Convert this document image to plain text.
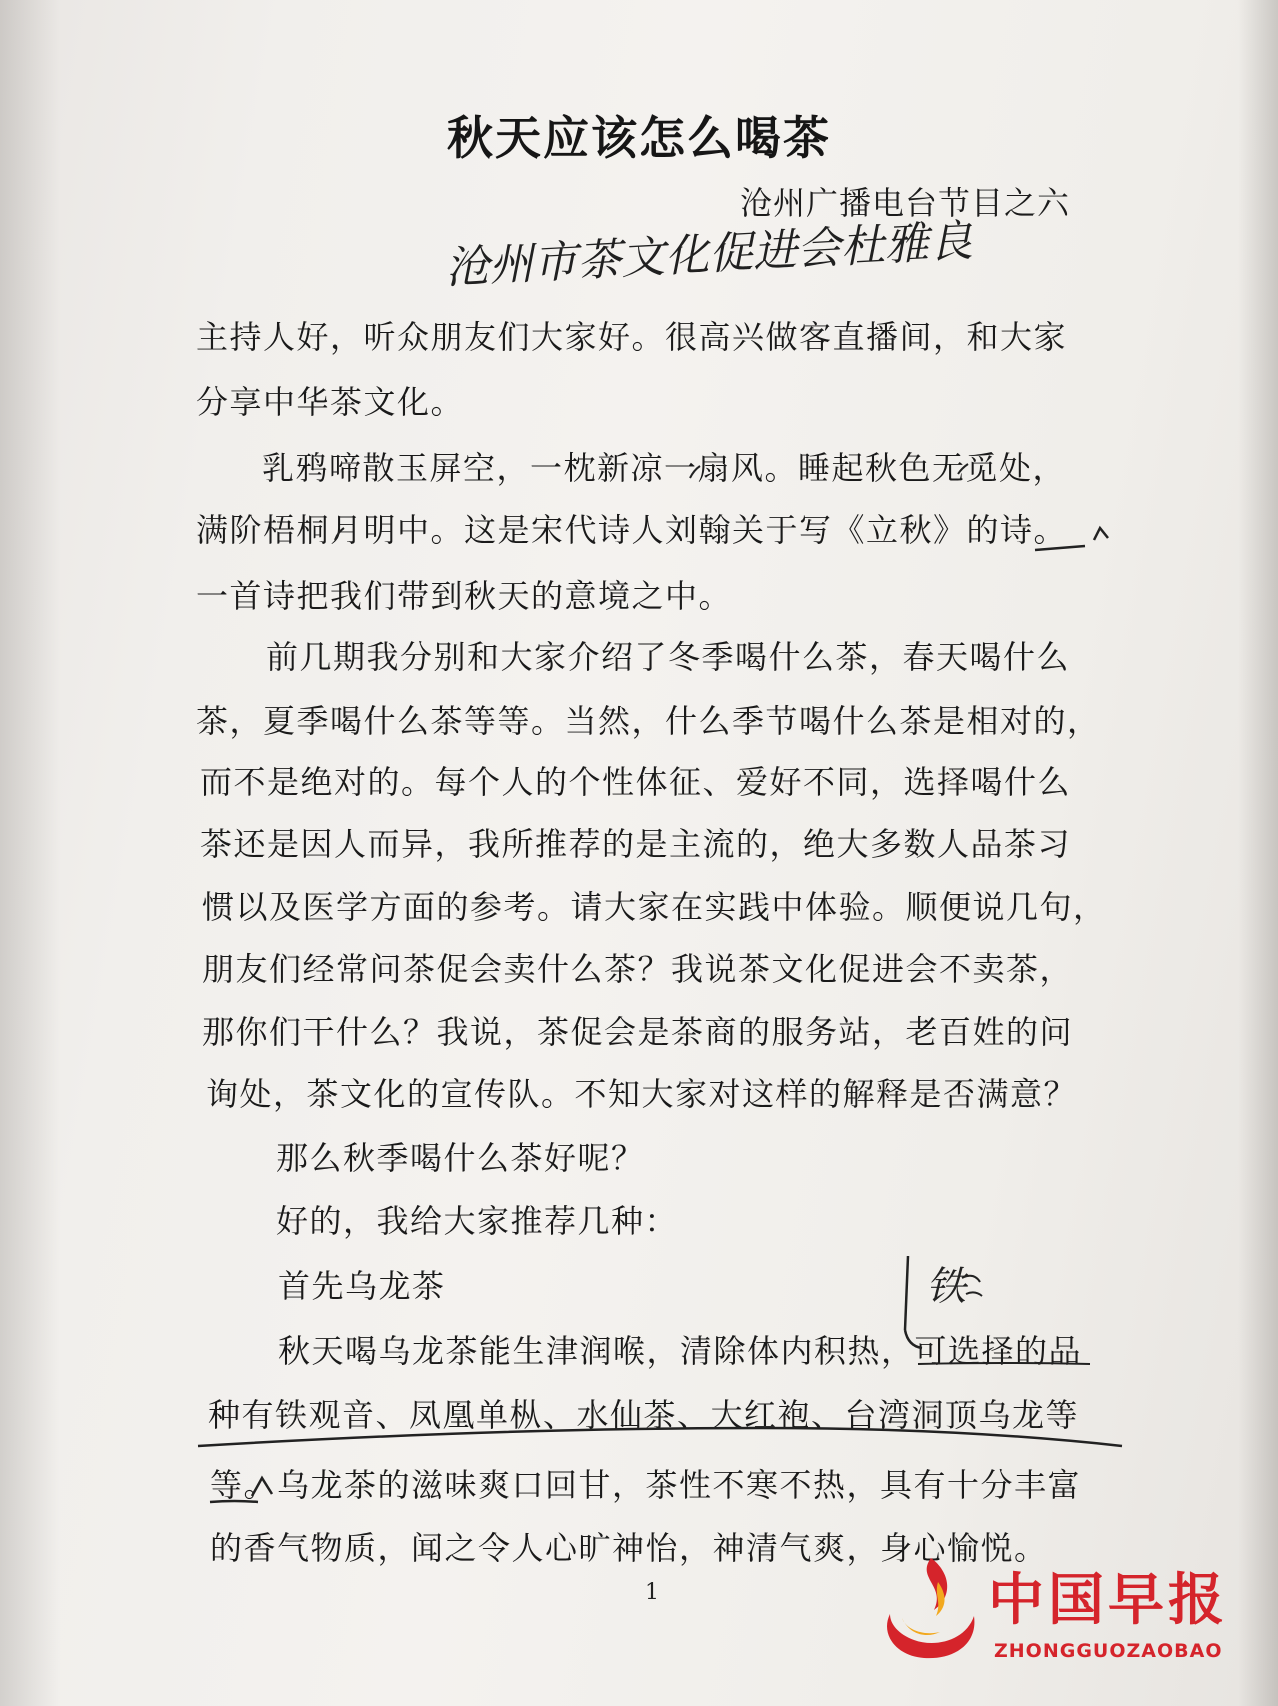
秋天应该怎么喝茶
沧州广播电台节目之六
沧州市茶文化促进会杜雅良
主持人好，听众朋友们大家好。很高兴做客直播间，和大家
分享中华茶文化。
乳鸦啼散玉屏空，一枕新凉一扇风。睡起秋色无觅处，
满阶梧桐月明中。这是宋代诗人刘翰关于写《立秋》的诗。
一首诗把我们带到秋天的意境之中。
前几期我分别和大家介绍了冬季喝什么茶，春天喝什么
茶，夏季喝什么茶等等。当然，什么季节喝什么茶是相对的，
而不是绝对的。每个人的个性体征、爱好不同，选择喝什么
茶还是因人而异，我所推荐的是主流的，绝大多数人品茶习
惯以及医学方面的参考。请大家在实践中体验。顺便说几句，
朋友们经常问茶促会卖什么茶？我说茶文化促进会不卖茶，
那你们干什么？我说，茶促会是茶商的服务站，老百姓的问
询处，茶文化的宣传队。不知大家对这样的解释是否满意？
那么秋季喝什么茶好呢？
好的，我给大家推荐几种：
首先乌龙茶
秋天喝乌龙茶能生津润喉，清除体内积热，可选择的品
种有铁观音、凤凰单枞、水仙茶、大红袍、台湾洞顶乌龙等
等。乌龙茶的滋味爽口回甘，茶性不寒不热，具有十分丰富
的香气物质，闻之令人心旷神怡，神清气爽，身心愉悦。
1
铁
中国早报
ZHONGGUOZAOBAO
